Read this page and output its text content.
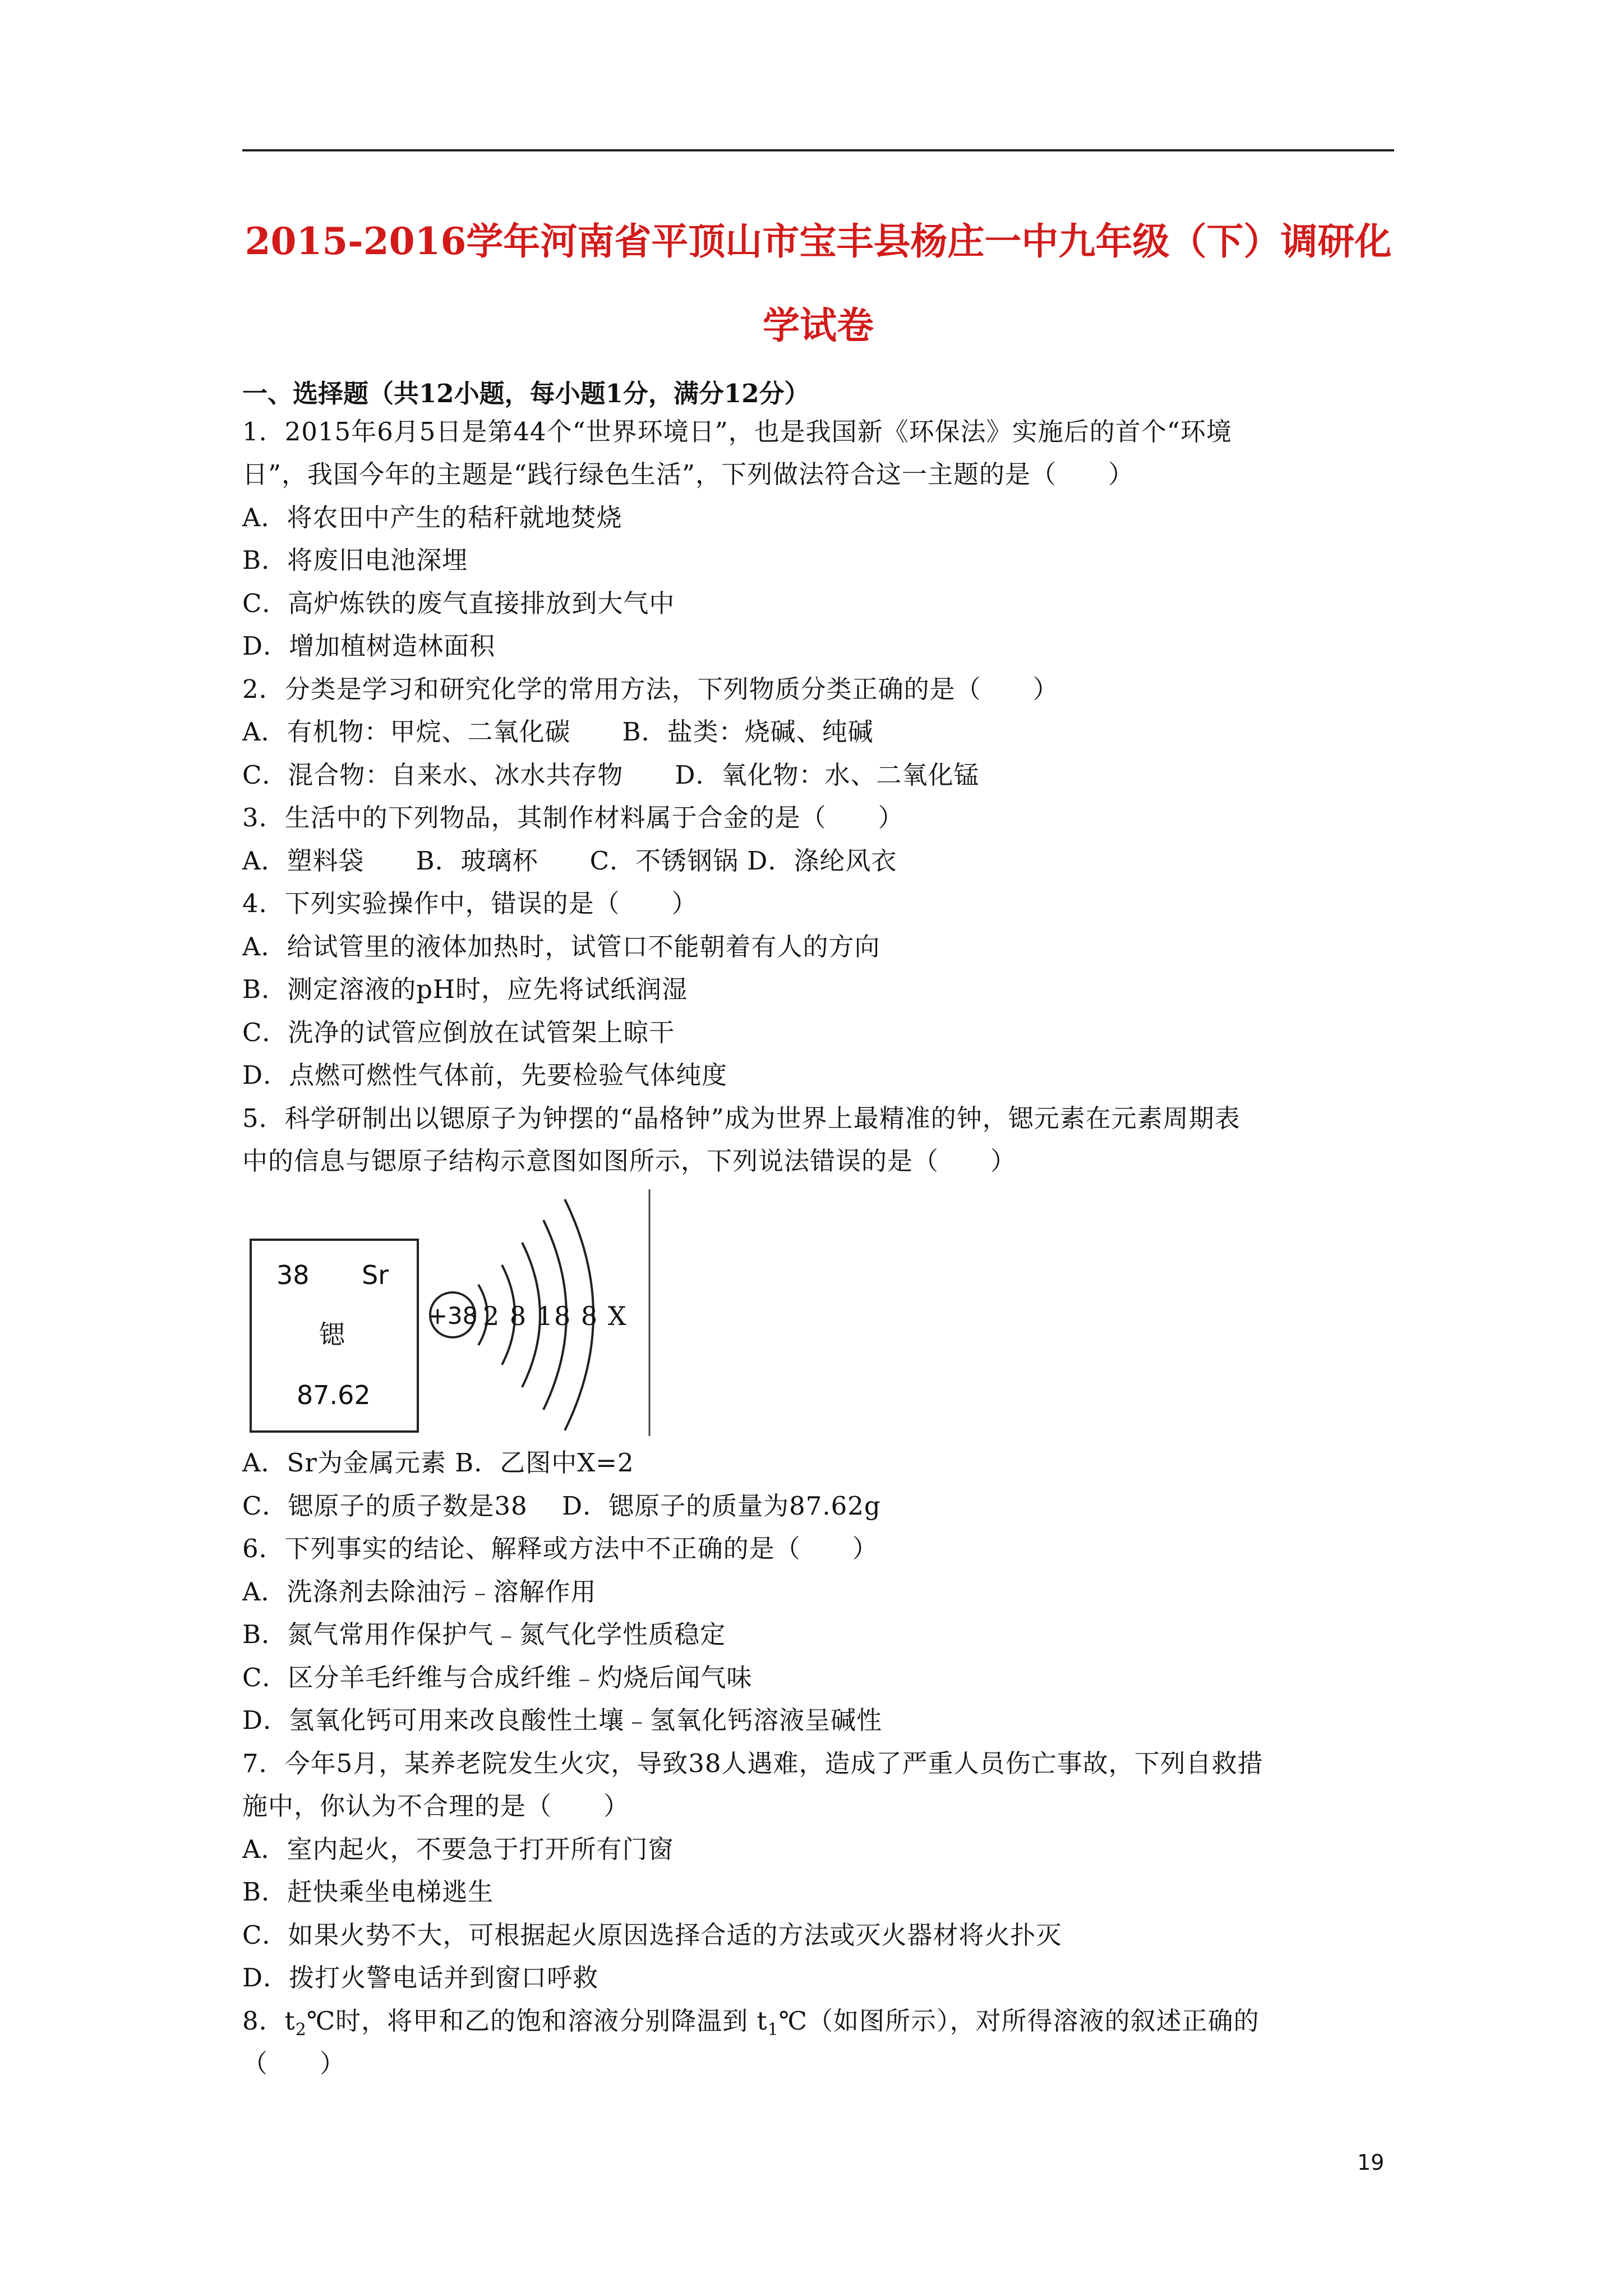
2015-2016学年河南省平顶山市宝丰县杨庄一中九年级（下）调研化
学试卷
一、选择题（共12小题，每小题1分，满分12分）
1．2015年6月5日是第44个“世界环境日”，也是我国新《环保法》实施后的首个“环境
日”，我国今年的主题是“践行绿色生活”，下列做法符合这一主题的是（　　）
A．将农田中产生的秸秆就地焚烧
B．将废旧电池深埋
C．高炉炼铁的废气直接排放到大气中
D．增加植树造林面积
2．分类是学习和研究化学的常用方法，下列物质分类正确的是（　　）
A．有机物：甲烷、二氧化碳　　B．盐类：烧碱、纯碱
C．混合物：自来水、冰水共存物　　D．氧化物：水、二氧化锰
3．生活中的下列物品，其制作材料属于合金的是（　　）
A．塑料袋　　B．玻璃杯　　C．不锈钢锅 D．涤纶风衣
4．下列实验操作中，错误的是（　　）
A．给试管里的液体加热时，试管口不能朝着有人的方向
B．测定溶液的pH时，应先将试纸润湿
C．洗净的试管应倒放在试管架上晾干
D．点燃可燃性气体前，先要检验气体纯度
5．科学研制出以锶原子为钟摆的“晶格钟”成为世界上最精准的钟，锶元素在元素周期表
中的信息与锶原子结构示意图如图所示，下列说法错误的是（　　）
38 Sr
锶
87.62
+38 2 8 18 8 X
A．Sr为金属元素 B．乙图中X=2
C．锶原子的质子数是38　 D．锶原子的质量为87.62g
6．下列事实的结论、解释或方法中不正确的是（　　）
A．洗涤剂去除油污﹣溶解作用
B．氮气常用作保护气﹣氮气化学性质稳定
C．区分羊毛纤维与合成纤维﹣灼烧后闻气味
D．氢氧化钙可用来改良酸性土壤﹣氢氧化钙溶液呈碱性
7．今年5月，某养老院发生火灾，导致38人遇难，造成了严重人员伤亡事故，下列自救措
施中，你认为不合理的是（　　）
A．室内起火，不要急于打开所有门窗
B．赶快乘坐电梯逃生
C．如果火势不大，可根据起火原因选择合适的方法或灭火器材将火扑灭
D．拨打火警电话并到窗口呼救
8．$t_2℃$时，将甲和乙的饱和溶液分别降温到 $t_1℃$（如图所示），对所得溶液的叙述正确的
（　　）
19
